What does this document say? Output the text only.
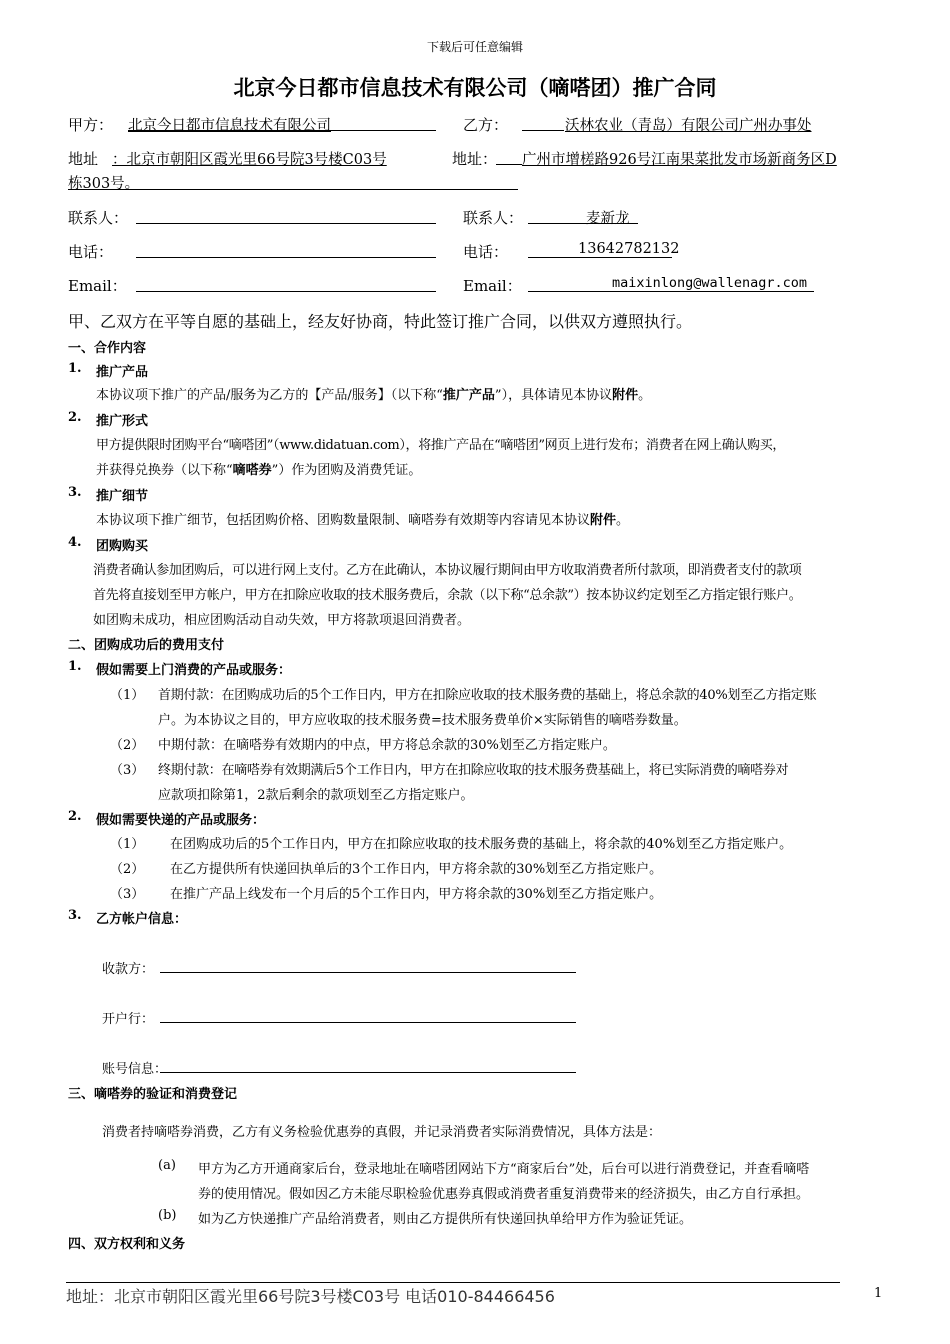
下载后可任意编辑
北京今日都市信息技术有限公司（嘀嗒团）推广合同
甲方： 北京今日都市信息技术有限公司	乙方：	沃林农业（青岛）有限公司广州办事处
地址 ：北京市朝阳区霞光里66号院3号楼C03号	地址： 广州市增槎路926号江南果菜批发市场新商务区D
栋303号。
联系人：	联系人：	麦新龙
电话：	电话：	13642782132
Email：	Email：	maixinlong@wallenagr.com
甲、乙双方在平等自愿的基础上，经友好协商，特此签订推广合同，以供双方遵照执行。
一、合作内容
1. 推广产品
本协议项下推广的产品/服务为乙方的【产品/服务】（以下称“推广产品”），具体请见本协议附件。
2. 推广形式
甲方提供限时团购平台“嘀嗒团”（www.didatuan.com），将推广产品在“嘀嗒团”网页上进行发布；消费者在网上确认购买，
并获得兑换券（以下称“嘀嗒券”）作为团购及消费凭证。
3. 推广细节
本协议项下推广细节，包括团购价格、团购数量限制、嘀嗒券有效期等内容请见本协议附件。
4. 团购购买
消费者确认参加团购后，可以进行网上支付。乙方在此确认，本协议履行期间由甲方收取消费者所付款项，即消费者支付的款项
首先将直接划至甲方帐户，甲方在扣除应收取的技术服务费后，余款（以下称“总余款”）按本协议约定划至乙方指定银行账户。
如团购未成功，相应团购活动自动失效，甲方将款项退回消费者。
二、团购成功后的费用支付
1. 假如需要上门消费的产品或服务：
（1） 首期付款：在团购成功后的5个工作日内，甲方在扣除应收取的技术服务费的基础上，将总余款的40%划至乙方指定账
户。为本协议之目的，甲方应收取的技术服务费=技术服务费单价×实际销售的嘀嗒券数量。
（2） 中期付款：在嘀嗒券有效期内的中点，甲方将总余款的30%划至乙方指定账户。
（3） 终期付款：在嘀嗒券有效期满后5个工作日内，甲方在扣除应收取的技术服务费基础上，将已实际消费的嘀嗒券对
应款项扣除第1，2款后剩余的款项划至乙方指定账户。
2. 假如需要快递的产品或服务：
（1） 在团购成功后的5个工作日内，甲方在扣除应收取的技术服务费的基础上，将余款的40%划至乙方指定账户。
（2） 在乙方提供所有快递回执单后的3个工作日内，甲方将余款的30%划至乙方指定账户。
（3） 在推广产品上线发布一个月后的5个工作日内，甲方将余款的30%划至乙方指定账户。
3. 乙方帐户信息：
收款方：
开户行：
账号信息：
三、嘀嗒券的验证和消费登记
消费者持嘀嗒券消费，乙方有义务检验优惠券的真假，并记录消费者实际消费情况，具体方法是：
(a) 甲方为乙方开通商家后台，登录地址在嘀嗒团网站下方“商家后台”处，后台可以进行消费登记，并查看嘀嗒
券的使用情况。假如因乙方未能尽职检验优惠券真假或消费者重复消费带来的经济损失，由乙方自行承担。
(b) 如为乙方快递推广产品给消费者，则由乙方提供所有快递回执单给甲方作为验证凭证。
四、双方权利和义务
地址：北京市朝阳区霞光里66号院3号楼C03号 电话010-84466456	1
